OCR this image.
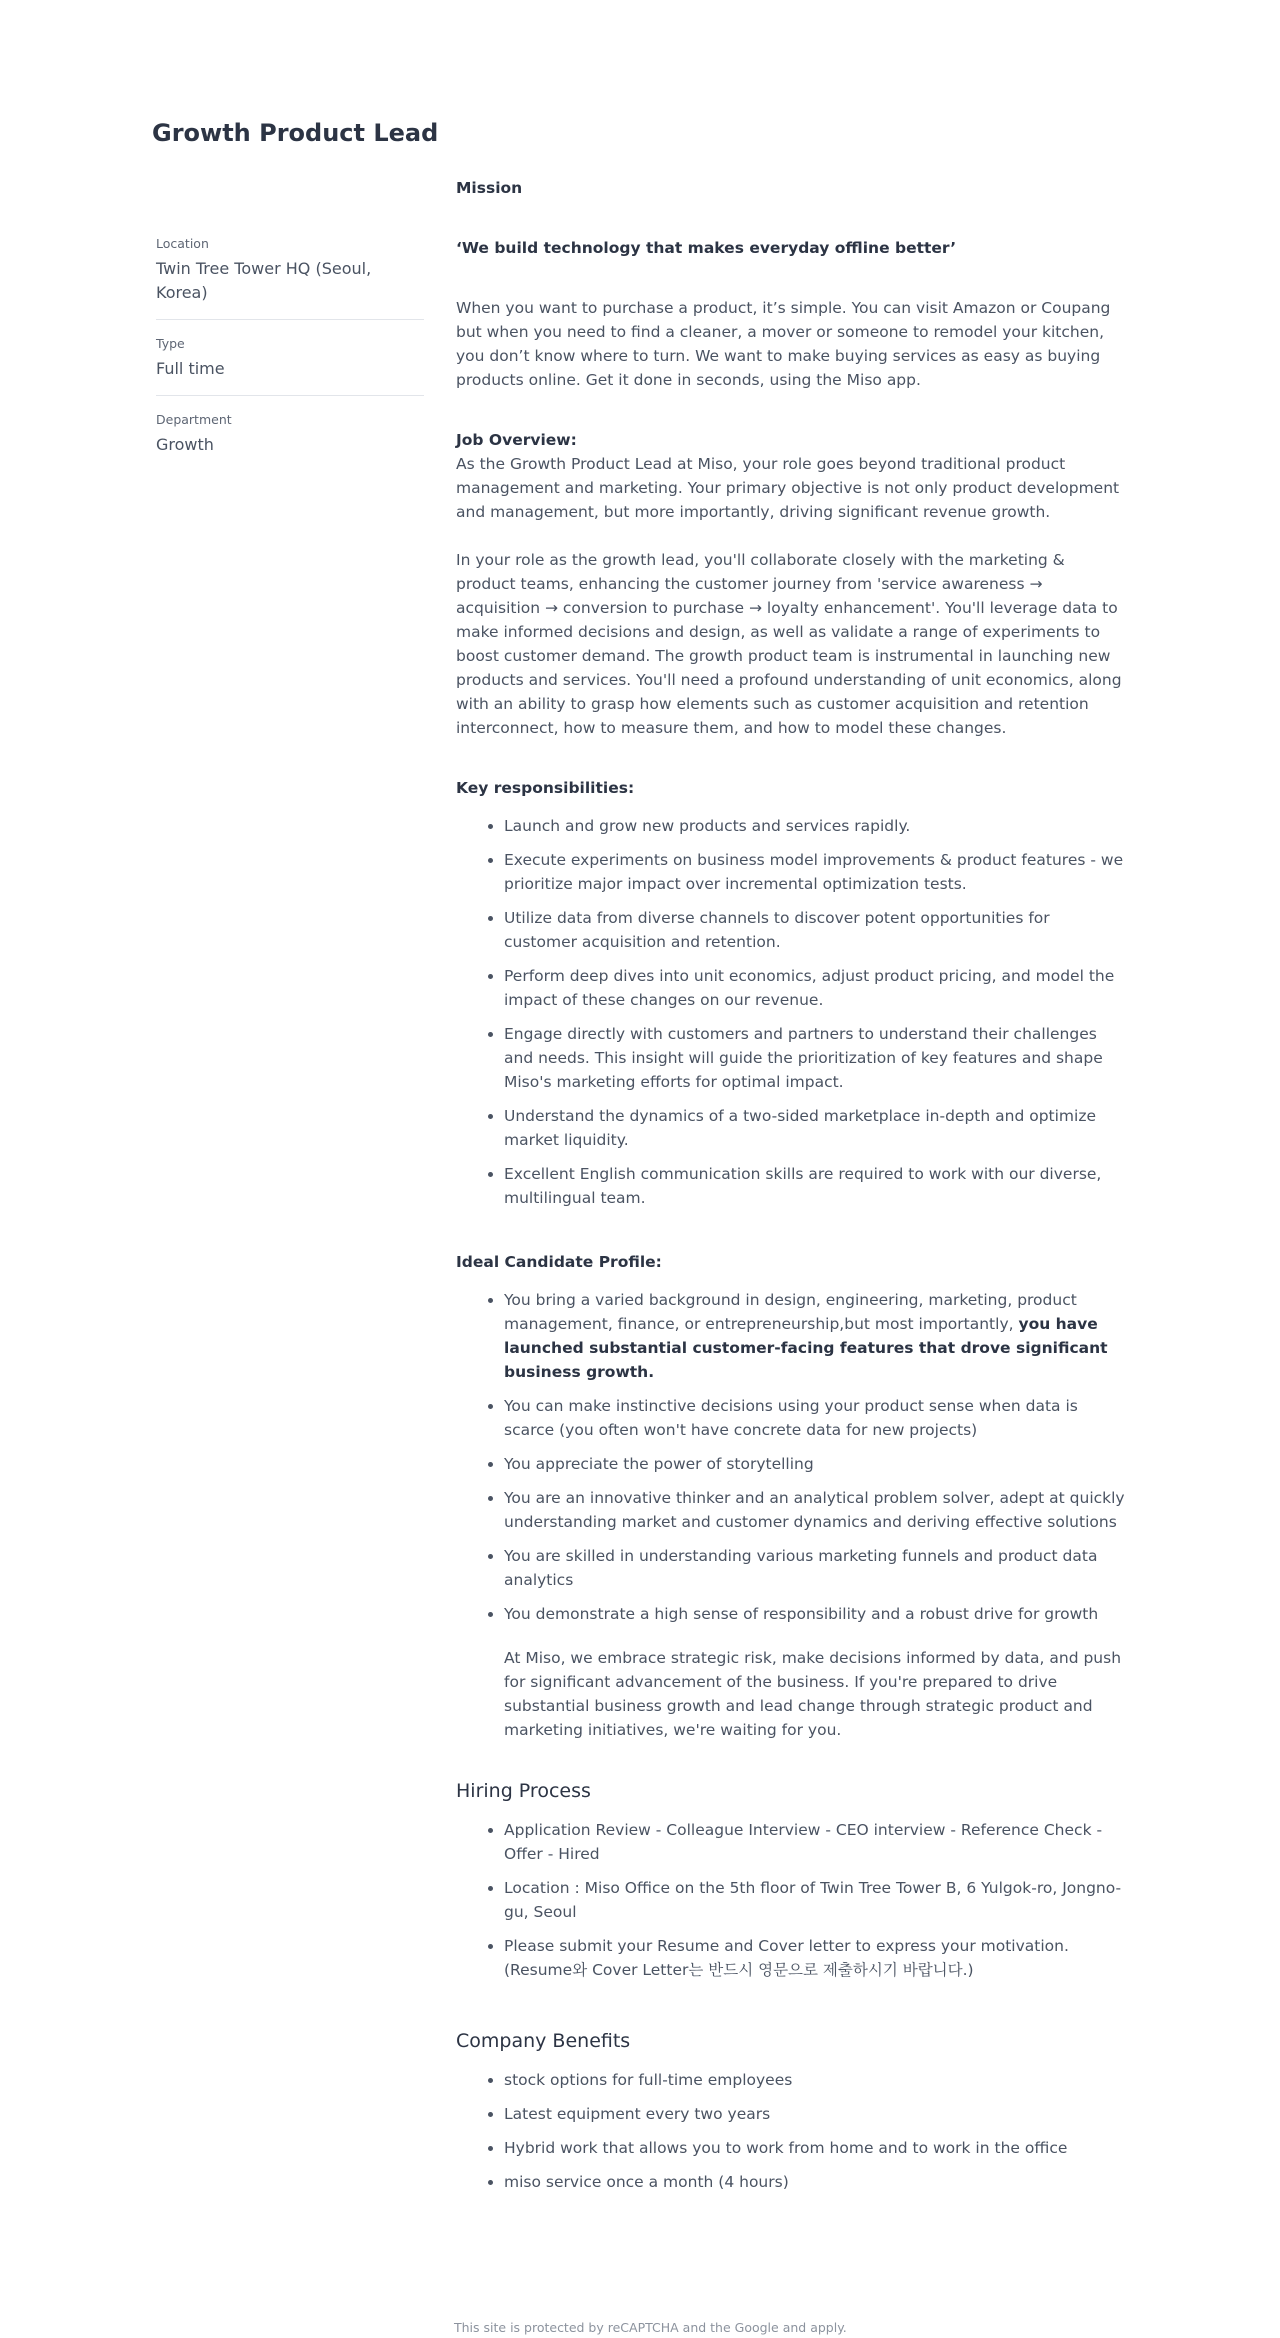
Growth Product Lead
Location
Twin Tree Tower HQ (Seoul, Korea)
Type
Full time
Department
Growth

Mission

‘We build technology that makes everyday offline better’

When you want to purchase a product, it’s simple. You can visit Amazon or Coupang but when you need to find a cleaner, a mover or someone to remodel your kitchen, you don’t know where to turn. We want to make buying services as easy as buying products online. Get it done in seconds, using the Miso app.

Job Overview:

As the Growth Product Lead at Miso, your role goes beyond traditional product management and marketing. Your primary objective is not only product development and management, but more importantly, driving significant revenue growth.

In your role as the growth lead, you'll collaborate closely with the marketing & product teams, enhancing the customer journey from 'service awareness → acquisition → conversion to purchase → loyalty enhancement'. You'll leverage data to make informed decisions and design, as well as validate a range of experiments to boost customer demand. The growth product team is instrumental in launching new products and services. You'll need a profound understanding of unit economics, along with an ability to grasp how elements such as customer acquisition and retention interconnect, how to measure them, and how to model these changes.

Key responsibilities:

• Launch and grow new products and services rapidly.
• Execute experiments on business model improvements & product features - we prioritize major impact over incremental optimization tests.
• Utilize data from diverse channels to discover potent opportunities for customer acquisition and retention.
• Perform deep dives into unit economics, adjust product pricing, and model the impact of these changes on our revenue.
• Engage directly with customers and partners to understand their challenges and needs. This insight will guide the prioritization of key features and shape Miso's marketing efforts for optimal impact.
• Understand the dynamics of a two-sided marketplace in-depth and optimize market liquidity.
• Excellent English communication skills are required to work with our diverse, multilingual team.

Ideal Candidate Profile:

• You bring a varied background in design, engineering, marketing, product management, finance, or entrepreneurship,but most importantly, you have launched substantial customer-facing features that drove significant business growth.
• You can make instinctive decisions using your product sense when data is scarce (you often won't have concrete data for new projects)
• You appreciate the power of storytelling
• You are an innovative thinker and an analytical problem solver, adept at quickly understanding market and customer dynamics and deriving effective solutions
• You are skilled in understanding various marketing funnels and product data analytics
• You demonstrate a high sense of responsibility and a robust drive for growth

At Miso, we embrace strategic risk, make decisions informed by data, and push for significant advancement of the business. If you're prepared to drive substantial business growth and lead change through strategic product and marketing initiatives, we're waiting for you.

Hiring Process

• Application Review - Colleague Interview - CEO interview - Reference Check - Offer - Hired
• Location : Miso Office on the 5th floor of Twin Tree Tower B, 6 Yulgok-ro, Jongno-gu, Seoul
• Please submit your Resume and Cover letter to express your motivation. (Resume와 Cover Letter는 반드시 영문으로 제출하시기 바랍니다.)

Company Benefits

• stock options for full-time employees
• Latest equipment every two years
• Hybrid work that allows you to work from home and to work in the office
• miso service once a month (4 hours)
This site is protected by reCAPTCHA and the Google and apply.
